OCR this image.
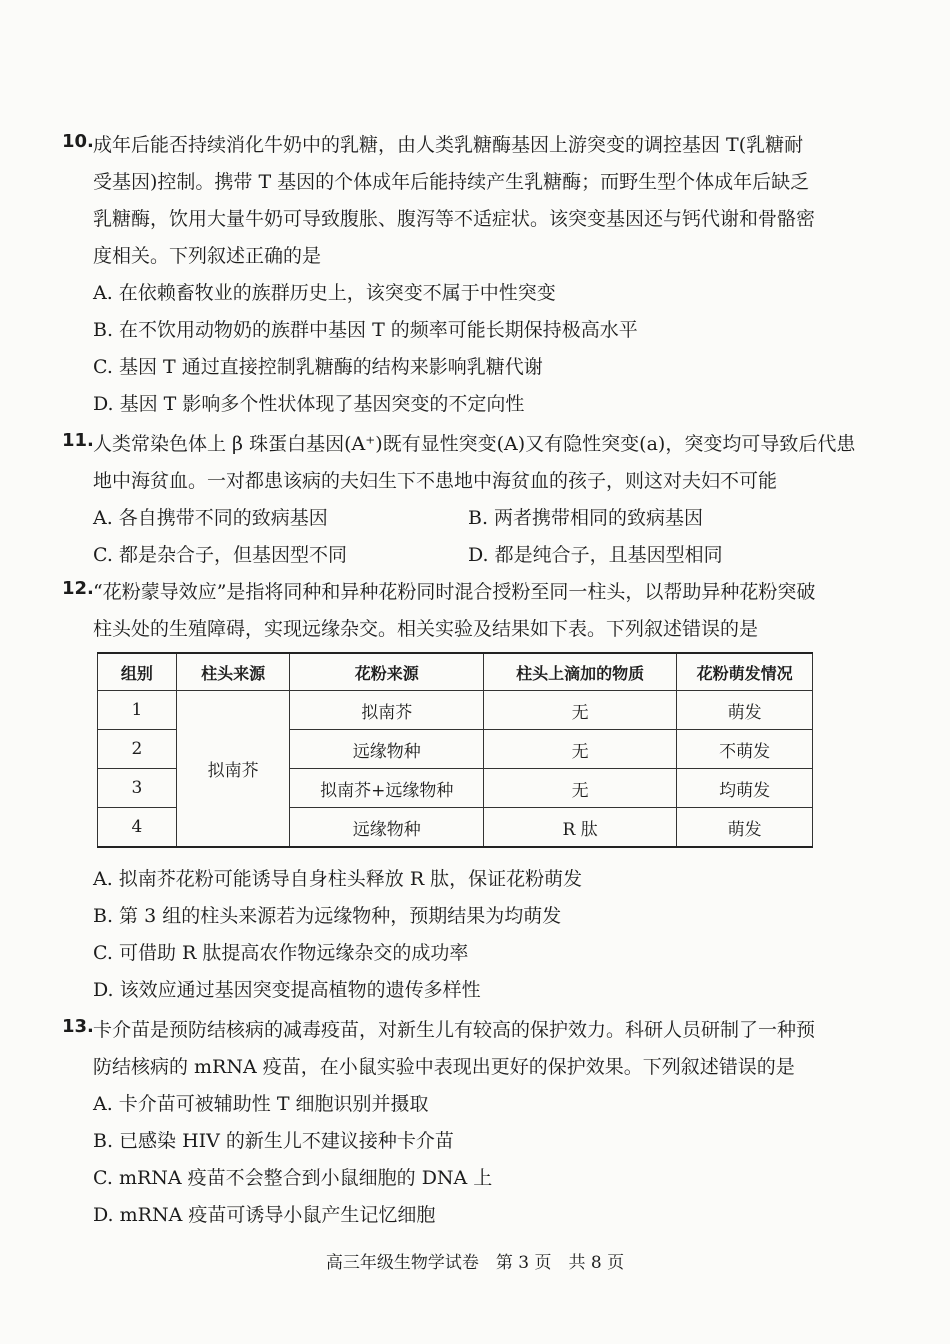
10. 成年后能否持续消化牛奶中的乳糖，由人类乳糖酶基因上游突变的调控基因 T(乳糖耐
受基因)控制。携带 T 基因的个体成年后能持续产生乳糖酶；而野生型个体成年后缺乏
乳糖酶，饮用大量牛奶可导致腹胀、腹泻等不适症状。该突变基因还与钙代谢和骨骼密
度相关。下列叙述正确的是
A. 在依赖畜牧业的族群历史上，该突变不属于中性突变
B. 在不饮用动物奶的族群中基因 T 的频率可能长期保持极高水平
C. 基因 T 通过直接控制乳糖酶的结构来影响乳糖代谢
D. 基因 T 影响多个性状体现了基因突变的不定向性
11. 人类常染色体上 β 珠蛋白基因(A⁺)既有显性突变(A)又有隐性突变(a)，突变均可导致后代患
地中海贫血。一对都患该病的夫妇生下不患地中海贫血的孩子，则这对夫妇不可能
A. 各自携带不同的致病基因	B. 两者携带相同的致病基因
C. 都是杂合子，但基因型不同	D. 都是纯合子，且基因型相同
12. “花粉蒙导效应”是指将同种和异种花粉同时混合授粉至同一柱头，以帮助异种花粉突破
柱头处的生殖障碍，实现远缘杂交。相关实验及结果如下表。下列叙述错误的是
组别	柱头来源	花粉来源	柱头上滴加的物质	花粉萌发情况
1	拟南芥	拟南芥	无	萌发
2		远缘物种	无	不萌发
3		拟南芥+远缘物种	无	均萌发
4		远缘物种	R 肽	萌发
A. 拟南芥花粉可能诱导自身柱头释放 R 肽，保证花粉萌发
B. 第 3 组的柱头来源若为远缘物种，预期结果为均萌发
C. 可借助 R 肽提高农作物远缘杂交的成功率
D. 该效应通过基因突变提高植物的遗传多样性
13. 卡介苗是预防结核病的减毒疫苗，对新生儿有较高的保护效力。科研人员研制了一种预
防结核病的 mRNA 疫苗，在小鼠实验中表现出更好的保护效果。下列叙述错误的是
A. 卡介苗可被辅助性 T 细胞识别并摄取
B. 已感染 HIV 的新生儿不建议接种卡介苗
C. mRNA 疫苗不会整合到小鼠细胞的 DNA 上
D. mRNA 疫苗可诱导小鼠产生记忆细胞
高三年级生物学试卷　第 3 页　共 8 页
